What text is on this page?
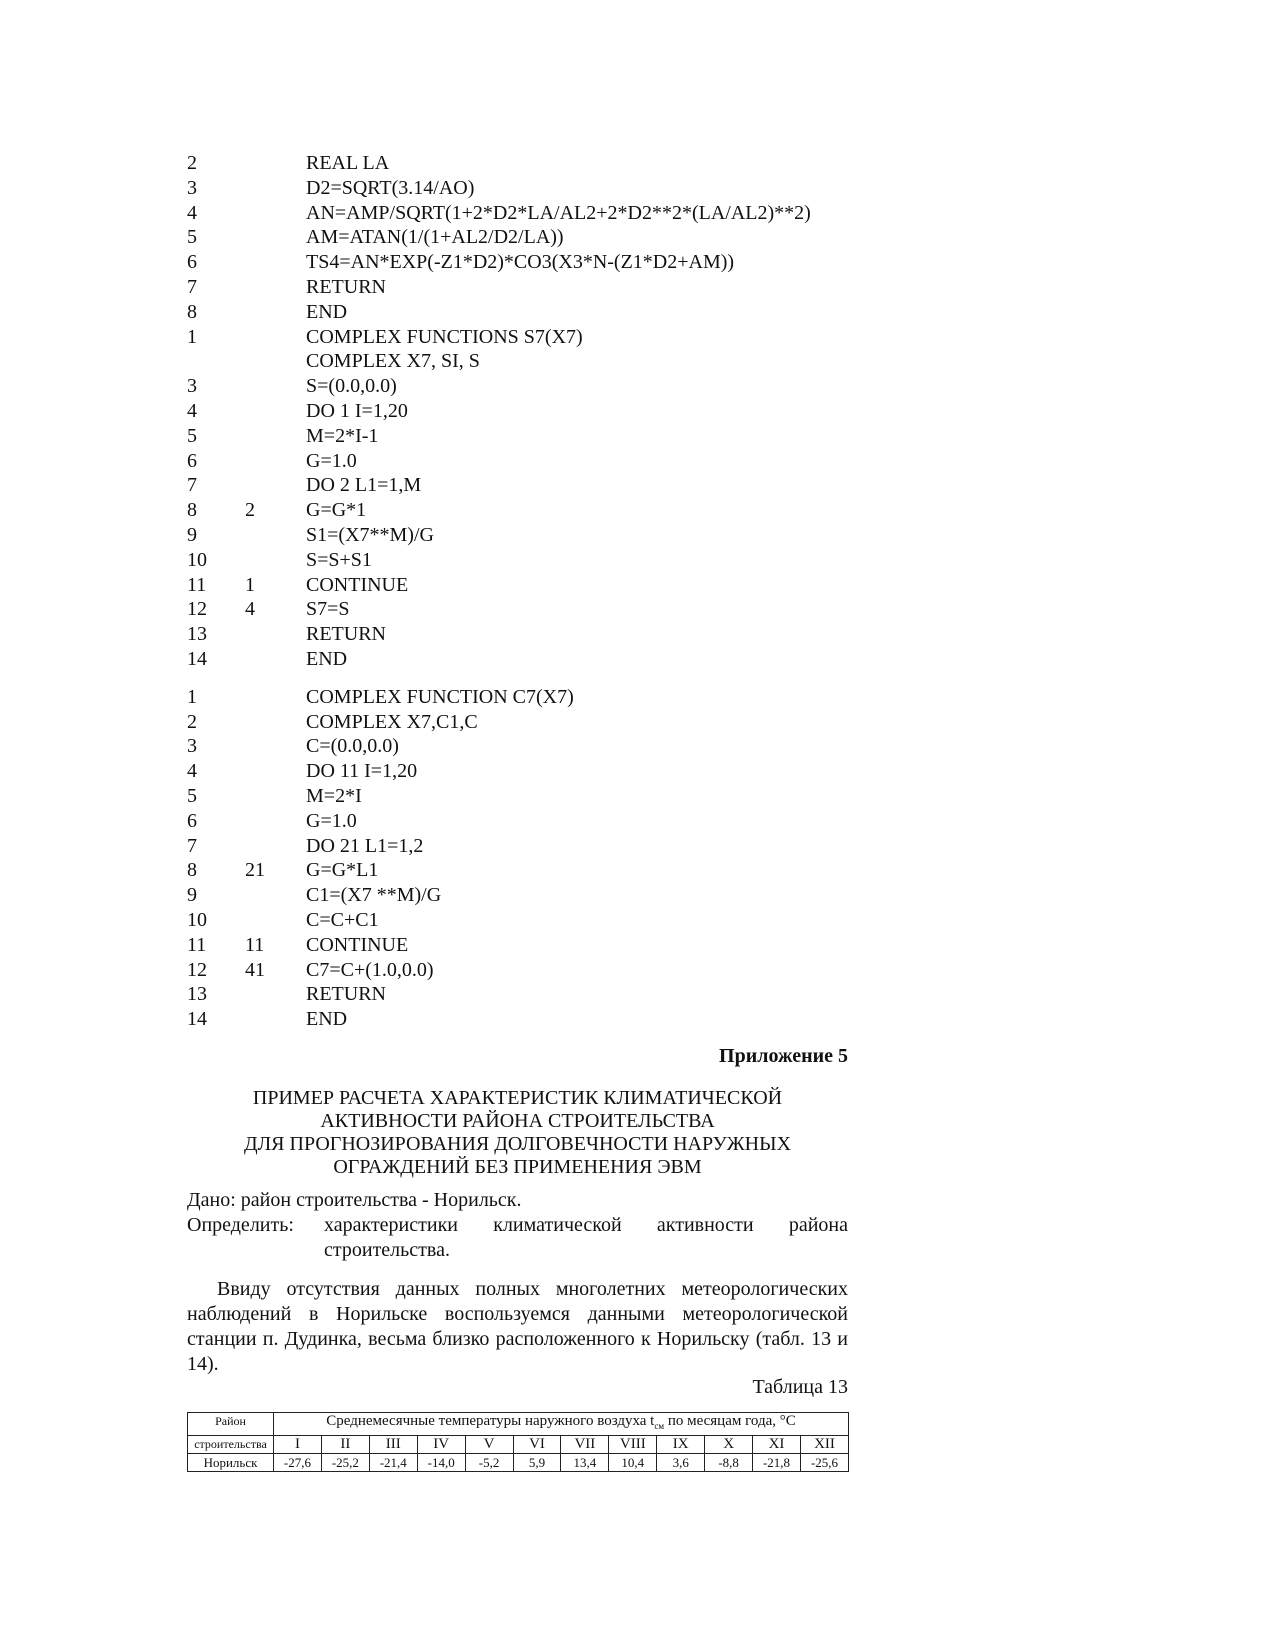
2	REAL LA
3	D2=SQRT(3.14/AO)
4	AN=AMP/SQRT(1+2*D2*LA/AL2+2*D2**2*(LA/AL2)**2)
5	AM=ATAN(1/(1+AL2/D2/LA))
6	TS4=AN*EXP(-Z1*D2)*CO3(X3*N-(Z1*D2+AM))
7	RETURN
8	END
1	COMPLEX FUNCTIONS S7(X7)
COMPLEX X7, SI, S
3	S=(0.0,0.0)
4	DO 1 I=1,20
5	M=2*I-1
6	G=1.0
7	DO 2 L1=1,M
8	2	G=G*1
9	S1=(X7**M)/G
10	S=S+S1
11	1	CONTINUE
12	4	S7=S
13	RETURN
14	END
1	COMPLEX FUNCTION C7(X7)
2	COMPLEX X7,C1,C
3	C=(0.0,0.0)
4	DO 11 I=1,20
5	M=2*I
6	G=1.0
7	DO 21 L1=1,2
8	21	G=G*L1
9	C1=(X7 **M)/G
10	C=C+C1
11	11	CONTINUE
12	41	C7=C+(1.0,0.0)
13	RETURN
14	END
Приложение 5
ПРИМЕР РАСЧЕТА ХАРАКТЕРИСТИК КЛИМАТИЧЕСКОЙ
АКТИВНОСТИ РАЙОНА СТРОИТЕЛЬСТВА
ДЛЯ ПРОГНОЗИРОВАНИЯ ДОЛГОВЕЧНОСТИ НАРУЖНЫХ
ОГРАЖДЕНИЙ БЕЗ ПРИМЕНЕНИЯ ЭВМ
Дано: район строительства - Норильск.
Определить:	характеристики климатической активности района
строительства.

Ввиду отсутствия данных полных многолетних метеорологических наблюдений в Норильске воспользуемся данными метеорологической станции п. Дудинка, весьма близко расположенного к Норильску (табл. 13 и 14).

Таблица 13
Район	Среднемесячные температуры наружного воздуха $t_{см}$ по месяцам года, °С											
строительства	I	II	III	IV	V	VI	VII	VIII	IX	X	XI	XII
Норильск	-27,6	-25,2	-21,4	-14,0	-5,2	5,9	13,4	10,4	3,6	-8,8	-21,8	-25,6
